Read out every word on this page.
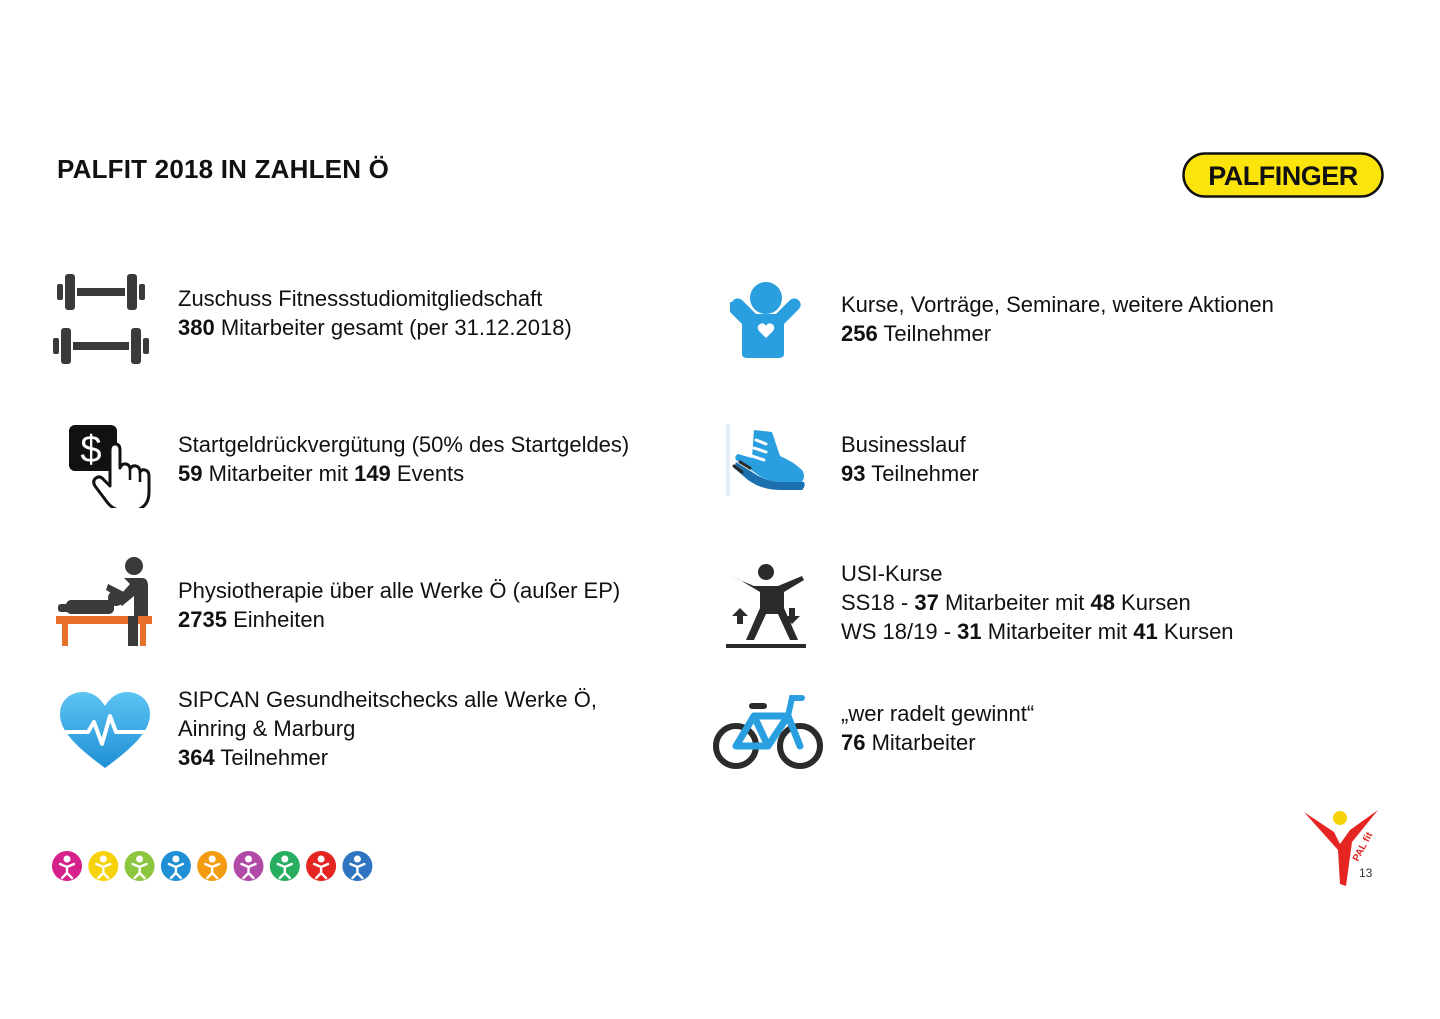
PALFIT 2018 IN ZAHLEN Ö	PALFINGER
Zuschuss Fitnessstudiomitgliedschaft
380 Mitarbeiter gesamt (per 31.12.2018)
$	Startgeldrückvergütung (50% des Startgeldes)
59 Mitarbeiter mit 149 Events
Physiotherapie über alle Werke Ö (außer EP)
2735 Einheiten
SIPCAN Gesundheitschecks alle Werke Ö,
Ainring & Marburg
364 Teilnehmer
Kurse, Vorträge, Seminare, weitere Aktionen
256 Teilnehmer
Businesslauf
93 Teilnehmer
USI-Kurse
SS18 - 37 Mitarbeiter mit 48 Kursen
WS 18/19 - 31 Mitarbeiter mit 41 Kursen
„wer radelt gewinnt“
76 Mitarbeiter
PAL fit
13
